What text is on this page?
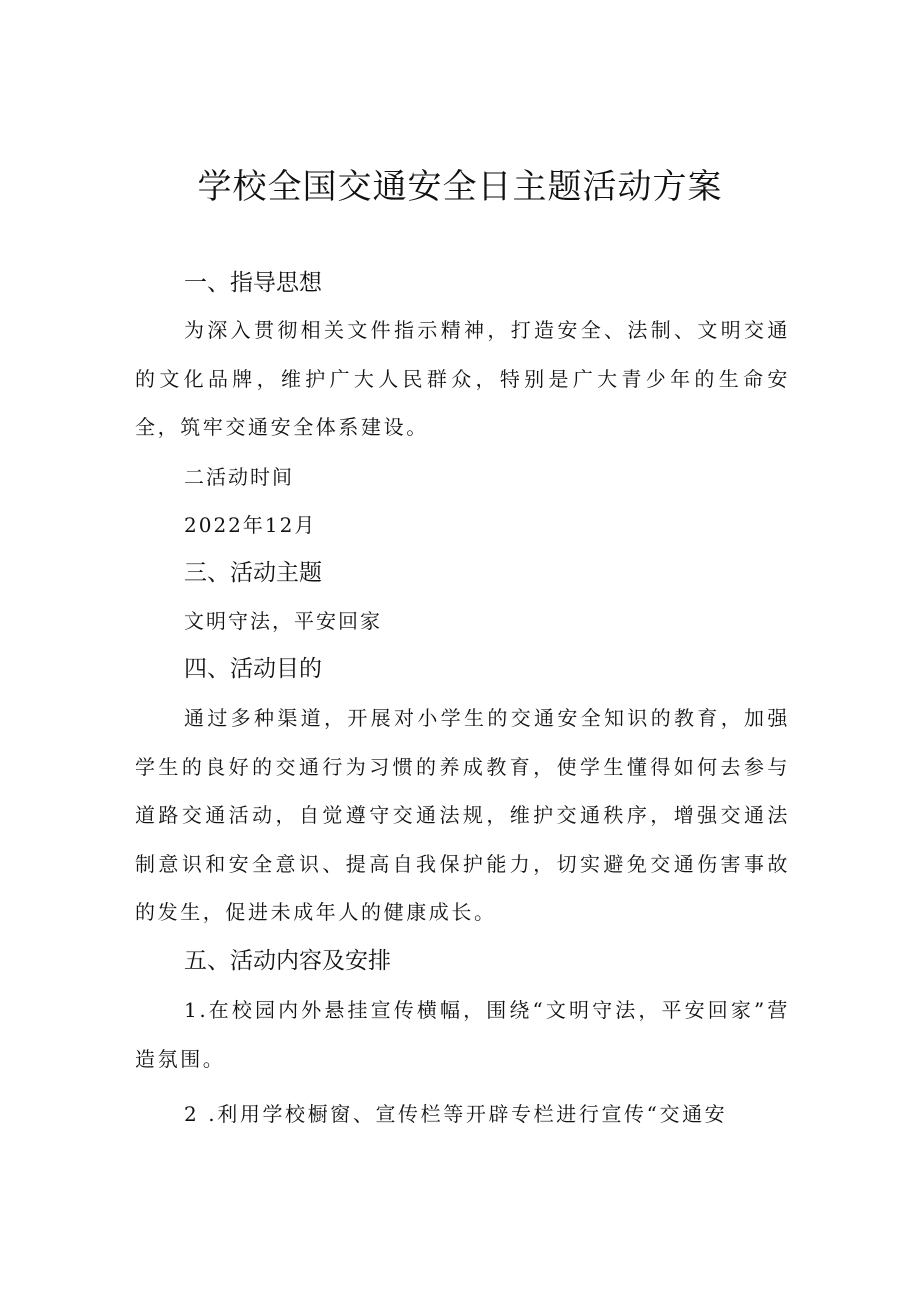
学校全国交通安全日主题活动方案
一、指导思想

为深入贯彻相关文件指示精神，打造安全、法制、文明交通的文化品牌，维护广大人民群众，特别是广大青少年的生命安全，筑牢交通安全体系建设。

二活动时间
2022年12月
三、活动主题
文明守法，平安回家
四、活动目的

通过多种渠道，开展对小学生的交通安全知识的教育，加强学生的良好的交通行为习惯的养成教育，使学生懂得如何去参与道路交通活动，自觉遵守交通法规，维护交通秩序，增强交通法制意识和安全意识、提高自我保护能力，切实避免交通伤害事故的发生，促进未成年人的健康成长。

五、活动内容及安排

1.在校园内外悬挂宣传横幅，围绕“文明守法，平安回家”营造氛围。

2 .利用学校橱窗、宣传栏等开辟专栏进行宣传“交通安
